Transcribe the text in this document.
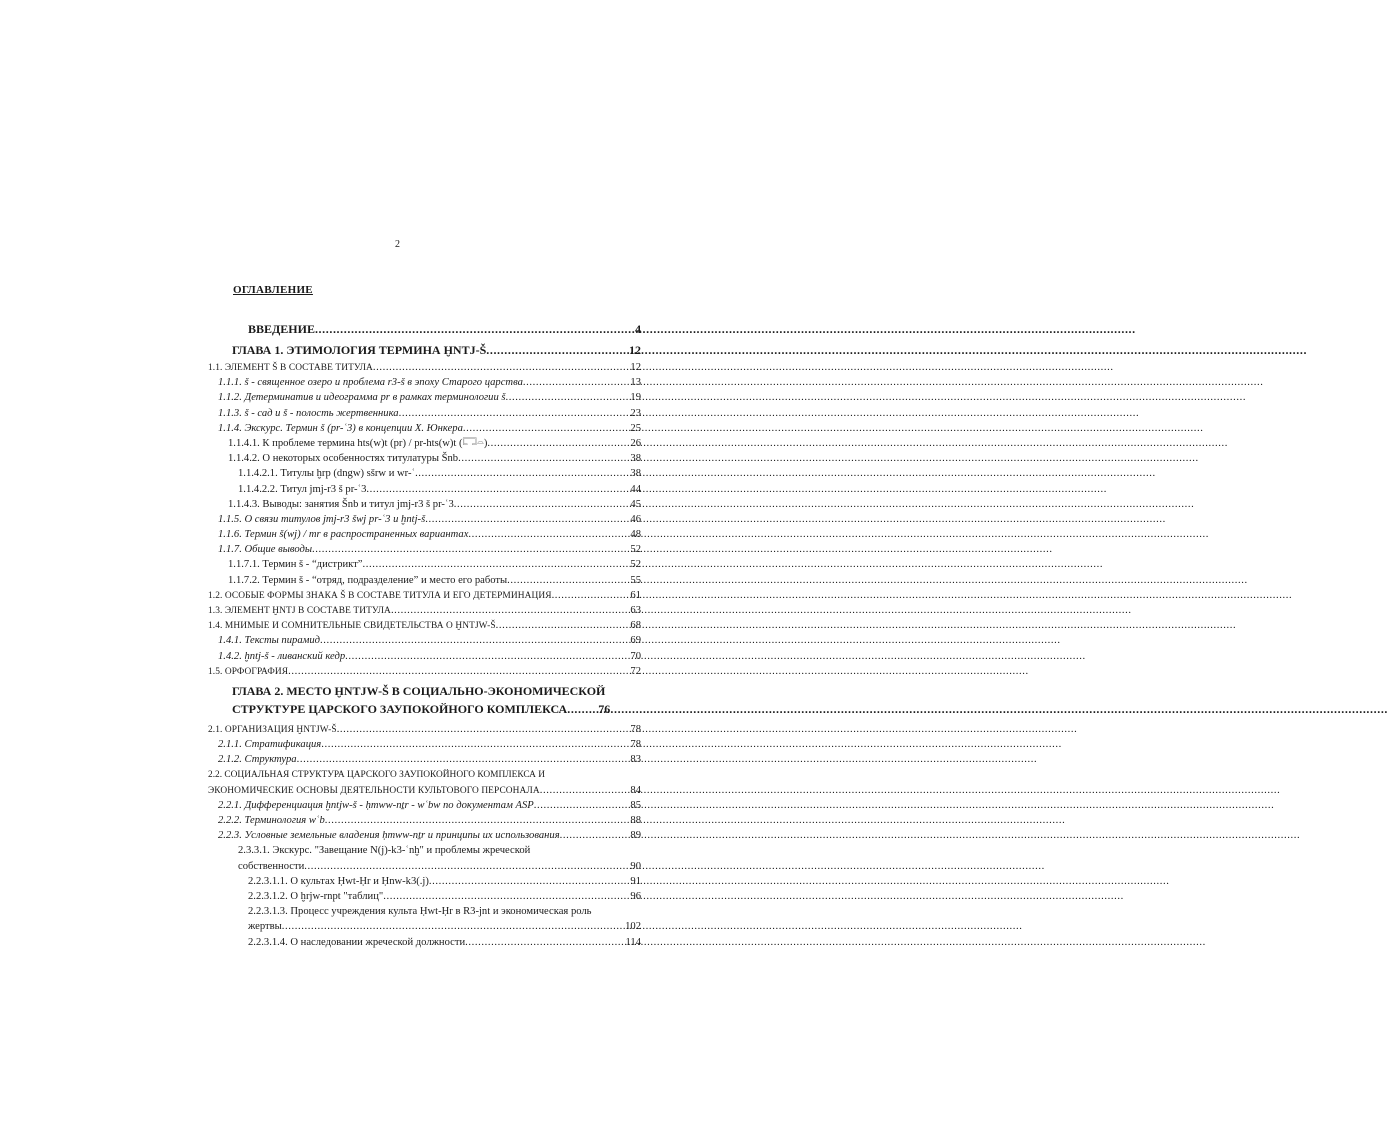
2
ОГЛАВЛЕНИЕ
ВВЕДЕНИЕ .....	4
ГЛАВА 1. ЭТИМОЛОГИЯ ТЕРМИНА ḪNTJ-Š .....	12
1.1. ЭЛЕМЕНТ Š В СОСТАВЕ ТИТУЛА .....	12
1.1.1. š - священное озеро и проблема r3-š в эпоху Старого царства .....	13
1.1.2. Детерминатив и идеограмма pr в рамках терминологии š .....	19
1.1.3. š - сад и š - полость жертвенника .....	23
1.1.4. Экскурс. Термин š (pr-ʿ3) в концепции Х. Юнкера .....	25
1.1.4.1. К проблеме термина hts(w)t (pr) / pr-hts(w)t (𓉐𓏏) .....	26
1.1.4.2. О некоторых особенностях титулатуры Šnb .....	38
1.1.4.2.1. Титулы ḫrp (dngw) sšrw и wr-ʿ .....	38
1.1.4.2.2. Титул jmj-r3 š pr-ʿ3 .....	44
1.1.4.3. Выводы: занятия Šnb и титул jmj-r3 š pr-ʿ3 .....	45
1.1.5. О связи титулов jmj-r3 šwj pr-ʿ3 и ḫntj-š .....	46
1.1.6. Термин š(wj) / mr в распространенных вариантах .....	48
1.1.7. Общие выводы .....	52
1.1.7.1. Термин š - “дистрикт” .....	52
1.1.7.2. Термин š - “отряд, подразделение” и место его работы .....	55
1.2. ОСОБЫЕ ФОРМЫ ЗНАКА Š В СОСТАВЕ ТИТУЛА И ЕГО ДЕТЕРМИНАЦИЯ .....	61
1.3. ЭЛЕМЕНТ ḪNTJ В СОСТАВЕ ТИТУЛА .....	63
1.4. МНИМЫЕ И СОМНИТЕЛЬНЫЕ СВИДЕТЕЛЬСТВА О ḪNTJW-Š .....	68
1.4.1. Тексты пирамид .....	69
1.4.2. ḫntj-š - ливанский кедр .....	70
1.5. ОРФОГРАФИЯ .....	72
ГЛАВА 2. МЕСТО ḪNTJW-Š В СОЦИАЛЬНО-ЭКОНОМИЧЕСКОЙ
СТРУКТУРЕ ЦАРСКОГО ЗАУПОКОЙНОГО КОМПЛЕКСА .....	76
2.1. ОРГАНИЗАЦИЯ ḪNTJW-Š .....	78
2.1.1. Стратификация .....	78
2.1.2. Структура .....	83
2.2. СОЦИАЛЬНАЯ СТРУКТУРА ЦАРСКОГО ЗАУПОКОЙНОГО КОМПЛЕКСА И
ЭКОНОМИЧЕСКИЕ ОСНОВЫ ДЕЯТЕЛЬНОСТИ КУЛЬТОВОГО ПЕРСОНАЛА .....	84
2.2.1. Дифференциация ḫntjw-š - ḥmww-nṯr - wʿbw по документам ASP .....	85
2.2.2. Терминология wʿb .....	88
2.2.3. Условные земельные владения ḥmww-nṯr и принципы их использования .....	89
2.3.3.1. Экскурс. "Завещание N(j)-k3-ʿnḫ" и проблемы жреческой
собственности .....	90
2.2.3.1.1. О культах Ḥwt-Ḥr и Ḥnw-k3(.j) .....	91
2.2.3.1.2. О ḫrjw-rnpt "таблиц" .....	96
2.2.3.1.3. Процесс учреждения культа Ḥwt-Ḥr в R3-jnt и экономическая роль
жертвы .....	102
2.2.3.1.4. О наследовании жреческой должности .....	114
